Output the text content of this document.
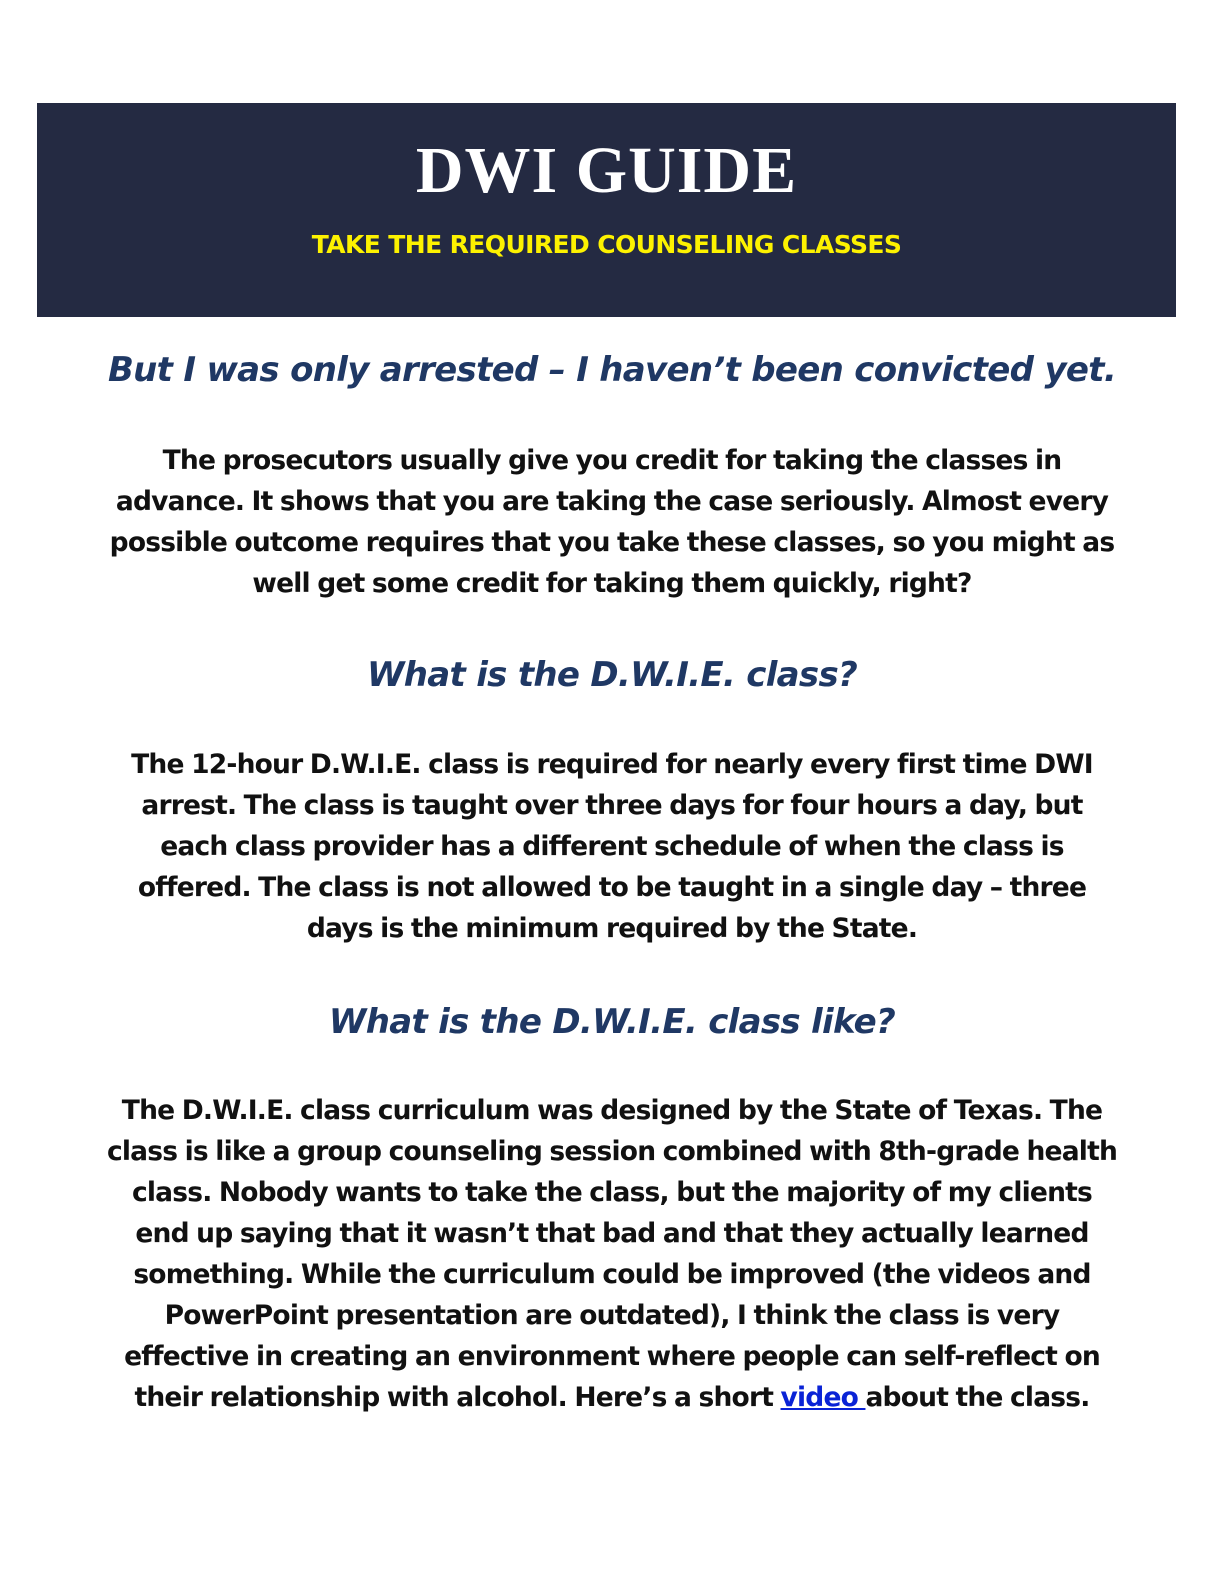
DWI GUIDE
TAKE THE REQUIRED COUNSELING CLASSES
But I was only arrested – I haven’t been convicted yet.

The prosecutors usually give you credit for taking the classes in
advance. It shows that you are taking the case seriously. Almost every
possible outcome requires that you take these classes, so you might as
well get some credit for taking them quickly, right?

What is the D.W.I.E. class?

The 12-hour D.W.I.E. class is required for nearly every first time DWI
arrest. The class is taught over three days for four hours a day, but
each class provider has a different schedule of when the class is
offered. The class is not allowed to be taught in a single day – three
days is the minimum required by the State.

What is the D.W.I.E. class like?

The D.W.I.E. class curriculum was designed by the State of Texas. The
class is like a group counseling session combined with 8th-grade health
class. Nobody wants to take the class, but the majority of my clients
end up saying that it wasn’t that bad and that they actually learned
something. While the curriculum could be improved (the videos and
PowerPoint presentation are outdated), I think the class is very
effective in creating an environment where people can self-reflect on
their relationship with alcohol. Here’s a short video about the class.
